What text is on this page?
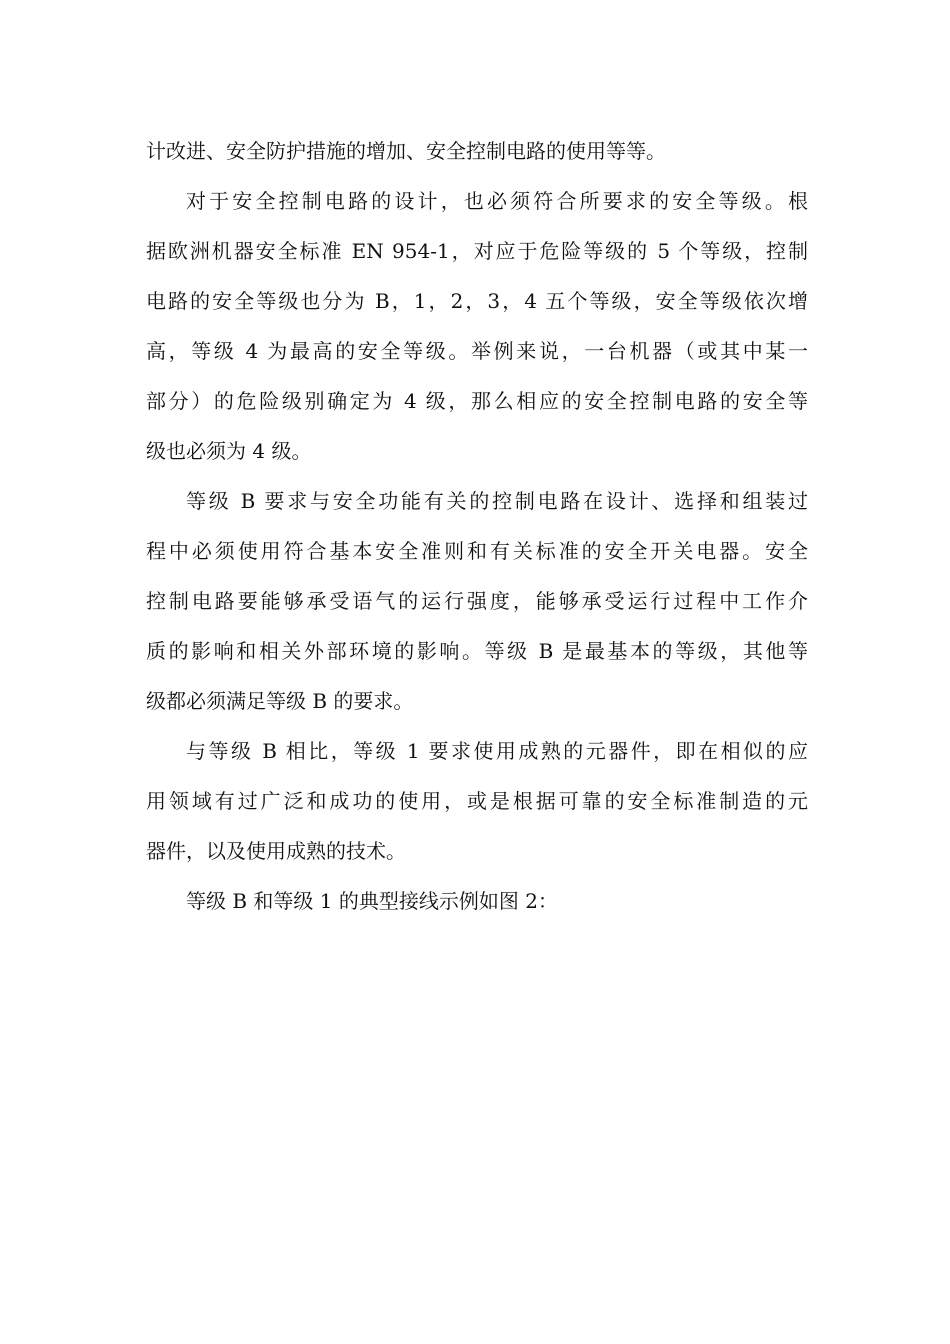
计改进、安全防护措施的增加、安全控制电路的使用等等。
对于安全控制电路的设计，也必须符合所要求的安全等级。根
据欧洲机器安全标准 EN 954-1，对应于危险等级的 5 个等级，控制
电路的安全等级也分为 B，1，2，3，4 五个等级，安全等级依次增
高，等级 4 为最高的安全等级。举例来说，一台机器（或其中某一
部分）的危险级别确定为 4 级，那么相应的安全控制电路的安全等
级也必须为 4 级。
等级 B 要求与安全功能有关的控制电路在设计、选择和组装过
程中必须使用符合基本安全准则和有关标准的安全开关电器。安全
控制电路要能够承受语气的运行强度，能够承受运行过程中工作介
质的影响和相关外部环境的影响。等级 B 是最基本的等级，其他等
级都必须满足等级 B 的要求。
与等级 B 相比，等级 1 要求使用成熟的元器件，即在相似的应
用领域有过广泛和成功的使用，或是根据可靠的安全标准制造的元
器件，以及使用成熟的技术。
等级 B 和等级 1 的典型接线示例如图 2：
